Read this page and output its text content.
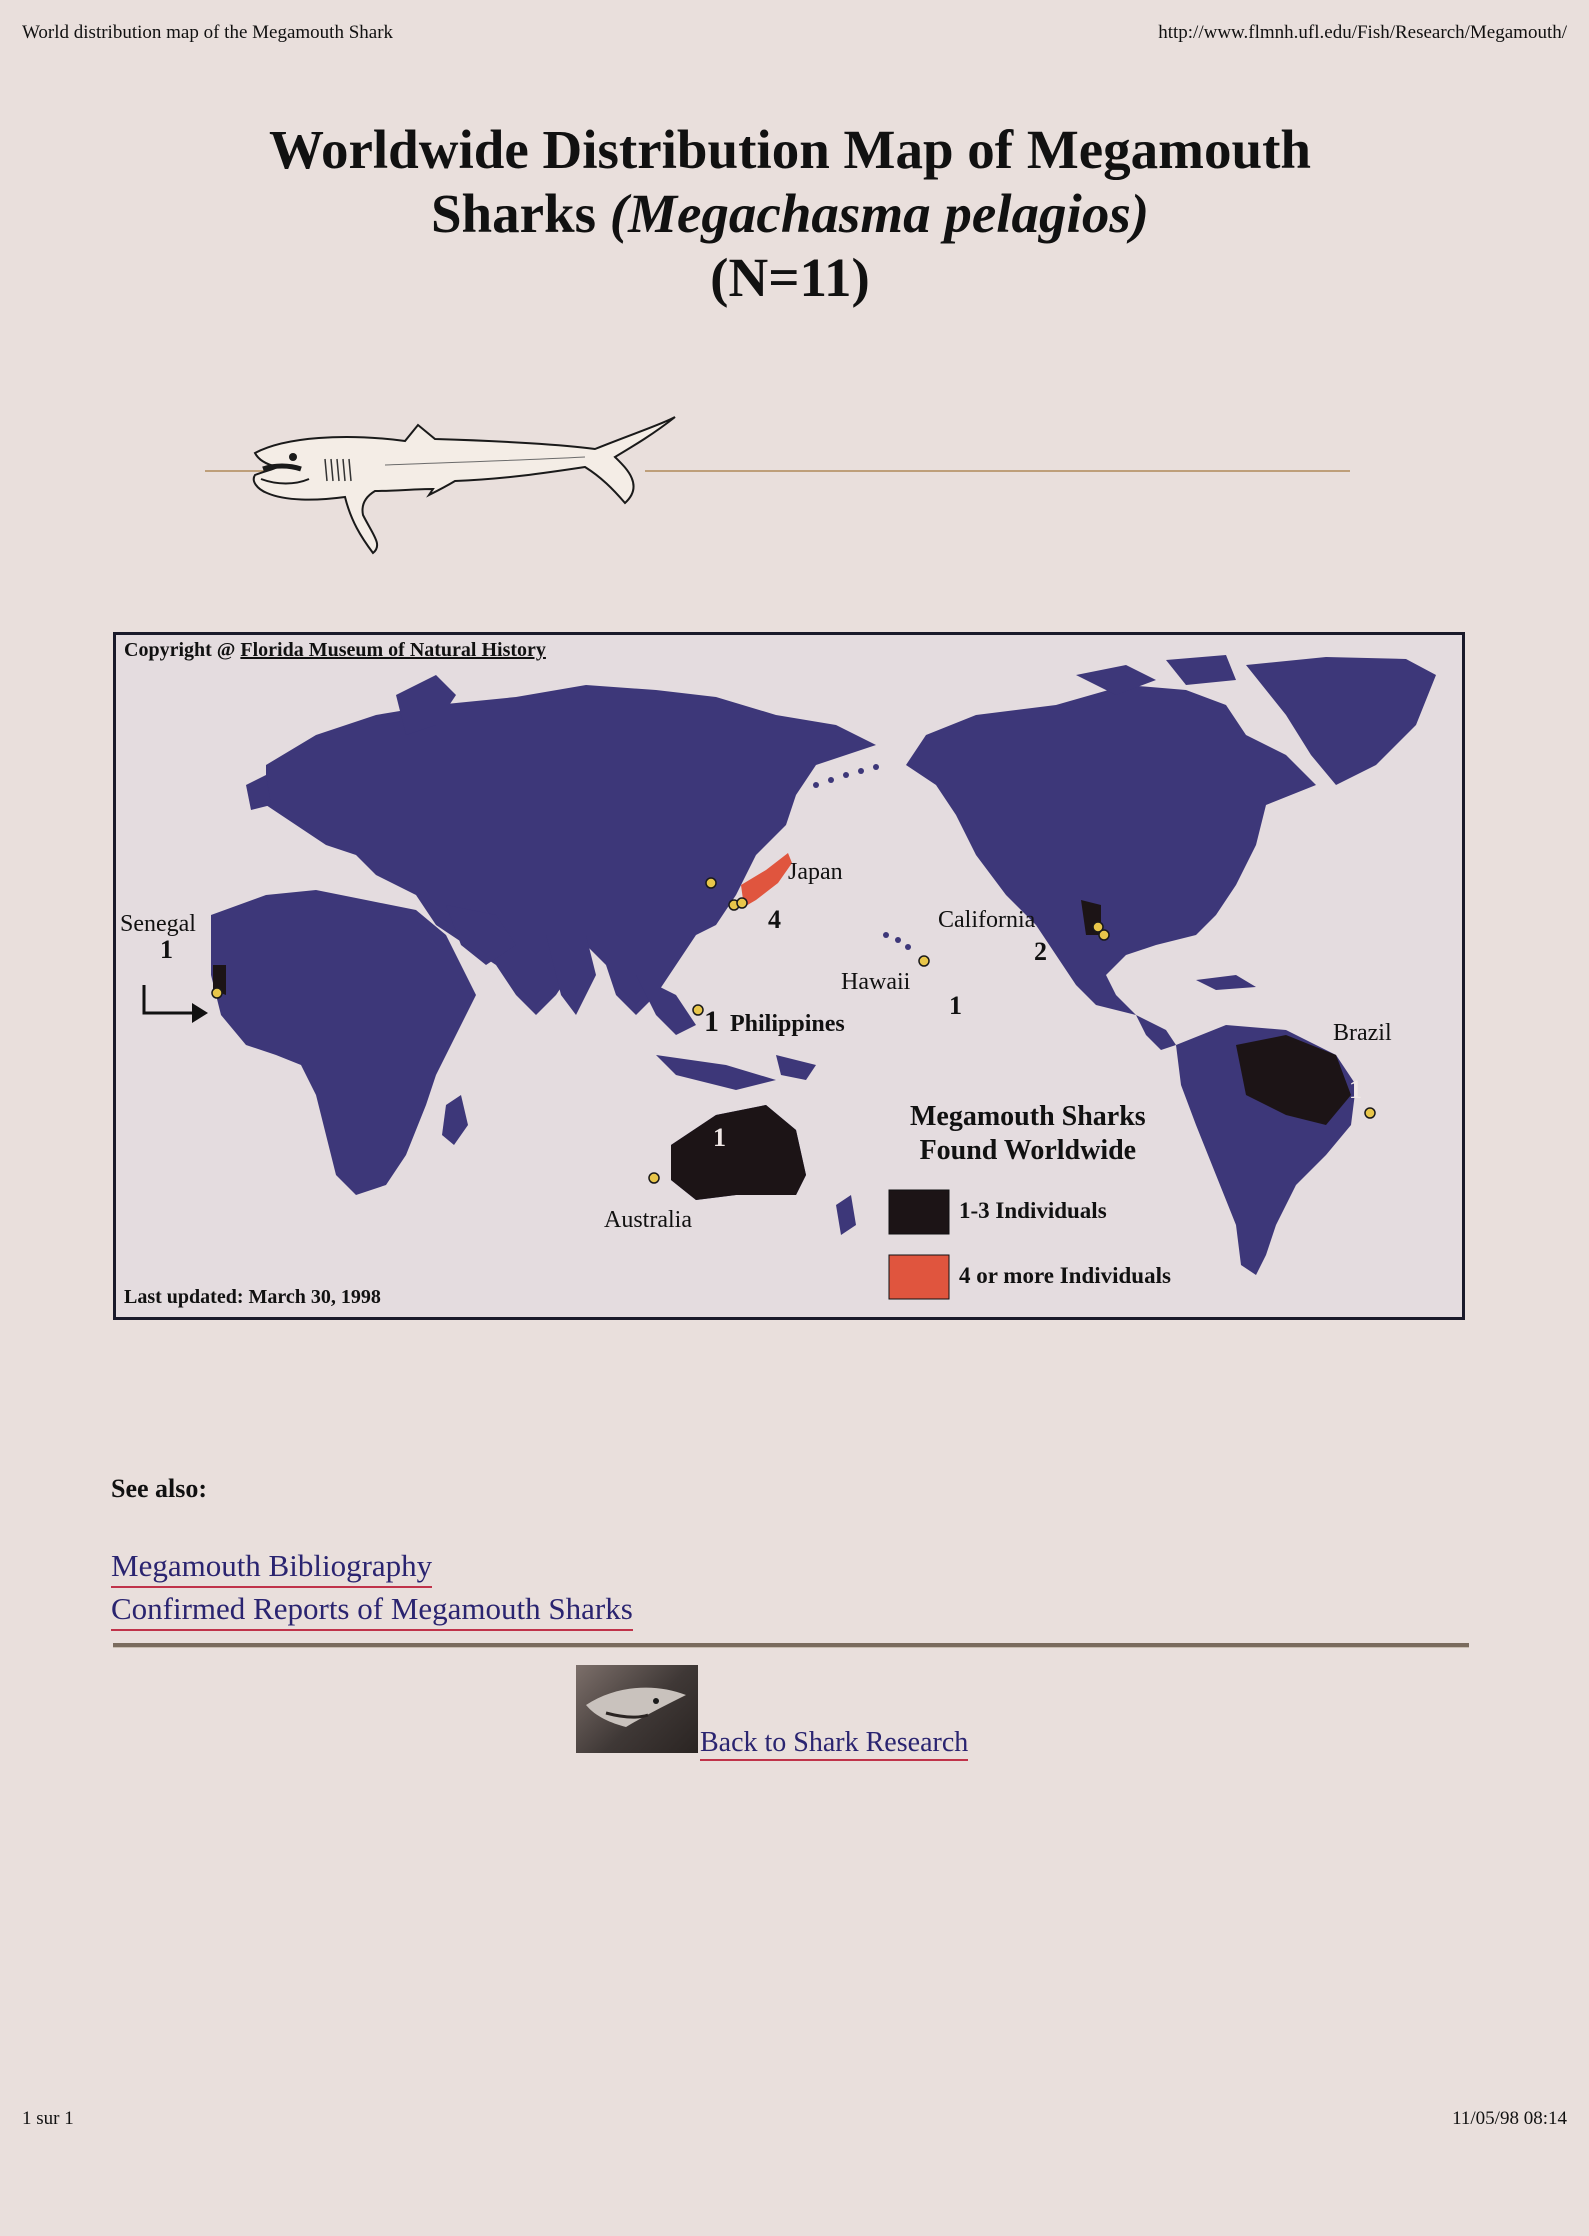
World distribution map of the Megamouth Shark	http://www.flmnh.ufl.edu/Fish/Research/Megamouth/
Worldwide Distribution Map of Megamouth
Sharks (Megachasma pelagios)
(N=11)
Copyright @ Florida Museum of Natural History
Last updated: March 30, 1998
Senegal
1
Japan
4	California
2
Hawaii
1
1 Philippines	Brazil
1
Australia
1
Megamouth Sharks
Found Worldwide
1-3 Individuals
4 or more Individuals
See also:
Megamouth Bibliography
Confirmed Reports of Megamouth Sharks
Back to Shark Research
1 sur 1	11/05/98 08:14
